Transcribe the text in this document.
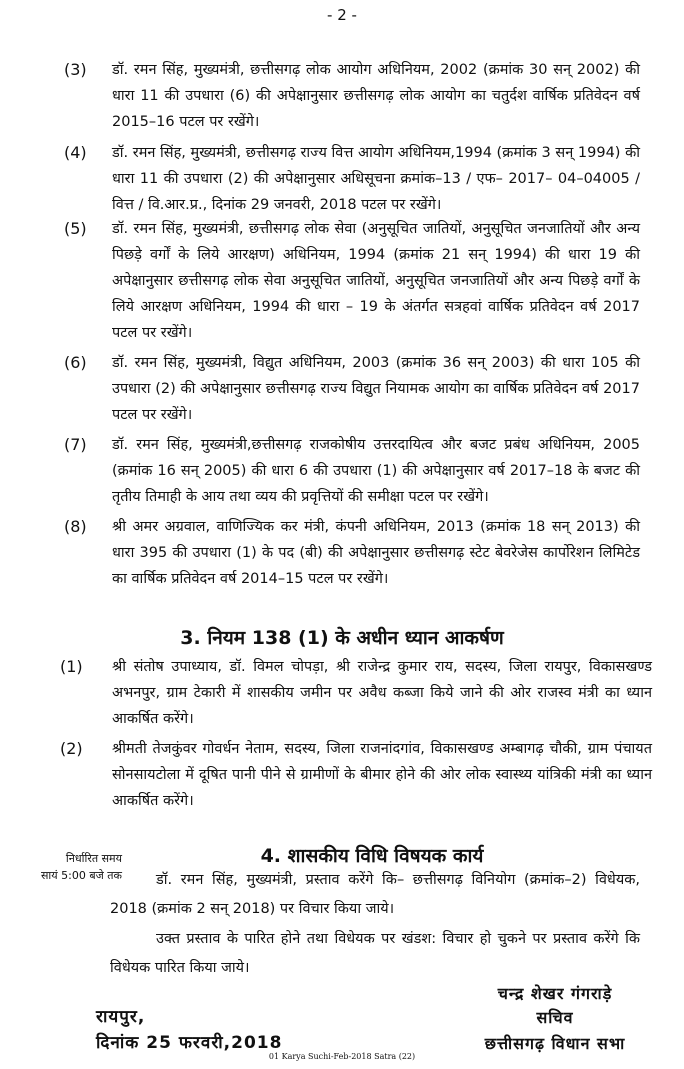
- 2 -
(3) डॉ. रमन सिंह, मुख्यमंत्री, छत्तीसगढ़ लोक आयोग अधिनियम, 2002 (क्रमांक 30 सन् 2002) की धारा 11 की उपधारा (6) की अपेक्षानुसार छत्तीसगढ़ लोक आयोग का चतुर्दश वार्षिक प्रतिवेदन वर्ष 2015–16 पटल पर रखेंगे।
(4) डॉ. रमन सिंह, मुख्यमंत्री, छत्तीसगढ़ राज्य वित्त आयोग अधिनियम,1994 (क्रमांक 3 सन् 1994) की धारा 11 की उपधारा (2) की अपेक्षानुसार अधिसूचना क्रमांक–13 / एफ– 2017– 04–04005 / वित्त / वि.आर.प्र., दिनांक 29 जनवरी, 2018 पटल पर रखेंगे।
(5) डॉ. रमन सिंह, मुख्यमंत्री, छत्तीसगढ़ लोक सेवा (अनुसूचित जातियों, अनुसूचित जनजातियों और अन्य पिछड़े वर्गों के लिये आरक्षण) अधिनियम, 1994 (क्रमांक 21 सन् 1994) की धारा 19 की अपेक्षानुसार छत्तीसगढ़ लोक सेवा अनुसूचित जातियों, अनुसूचित जनजातियों और अन्य पिछड़े वर्गों के लिये आरक्षण अधिनियम, 1994 की धारा – 19 के अंतर्गत सत्रहवां वार्षिक प्रतिवेदन वर्ष 2017 पटल पर रखेंगे।
(6) डॉ. रमन सिंह, मुख्यमंत्री, विद्युत अधिनियम, 2003 (क्रमांक 36 सन् 2003) की धारा 105 की उपधारा (2) की अपेक्षानुसार छत्तीसगढ़ राज्य विद्युत नियामक आयोग का वार्षिक प्रतिवेदन वर्ष 2017 पटल पर रखेंगे।
(7) डॉ. रमन सिंह, मुख्यमंत्री,छत्तीसगढ़ राजकोषीय उत्तरदायित्व और बजट प्रबंध अधिनियम, 2005 (क्रमांक 16 सन् 2005) की धारा 6 की उपधारा (1) की अपेक्षानुसार वर्ष 2017–18 के बजट की तृतीय तिमाही के आय तथा व्यय की प्रवृत्तियों की समीक्षा पटल पर रखेंगे।
(8) श्री अमर अग्रवाल, वाणिज्यिक कर मंत्री, कंपनी अधिनियम, 2013 (क्रमांक 18 सन् 2013) की धारा 395 की उपधारा (1) के पद (बी) की अपेक्षानुसार छत्तीसगढ़ स्टेट बेवरेजेस कार्पोरेशन लिमिटेड का वार्षिक प्रतिवेदन वर्ष 2014–15 पटल पर रखेंगे।
3. नियम 138 (1) के अधीन ध्यान आकर्षण
(1) श्री संतोष उपाध्याय, डॉ. विमल चोपड़ा, श्री राजेन्द्र कुमार राय, सदस्य, जिला रायपुर, विकासखण्ड अभनपुर, ग्राम टेकारी में शासकीय जमीन पर अवैध कब्जा किये जाने की ओर राजस्व मंत्री का ध्यान आकर्षित करेंगे।
(2) श्रीमती तेजकुंवर गोवर्धन नेताम, सदस्य, जिला राजनांदगांव, विकासखण्ड अम्बागढ़ चौकी, ग्राम पंचायत सोनसायटोला में दूषित पानी पीने से ग्रामीणों के बीमार होने की ओर लोक स्वास्थ्य यांत्रिकी मंत्री का ध्यान आकर्षित करेंगे।
4. शासकीय विधि विषयक कार्य
निर्धारित समय
सायं 5:00 बजे तक	डॉ. रमन सिंह, मुख्यमंत्री, प्रस्ताव करेंगे कि– छत्तीसगढ़ विनियोग (क्रमांक–2) विधेयक, 2018 (क्रमांक 2 सन् 2018) पर विचार किया जाये।
उक्त प्रस्ताव के पारित होने तथा विधेयक पर खंडश: विचार हो चुकने पर प्रस्ताव करेंगे कि विधेयक पारित किया जाये।
चन्द्र शेखर गंगराड़े
सचिव
छत्तीसगढ़ विधान सभा
रायपुर,
दिनांक 25 फरवरी,2018
01 Karya Suchi-Feb-2018 Satra (22)
